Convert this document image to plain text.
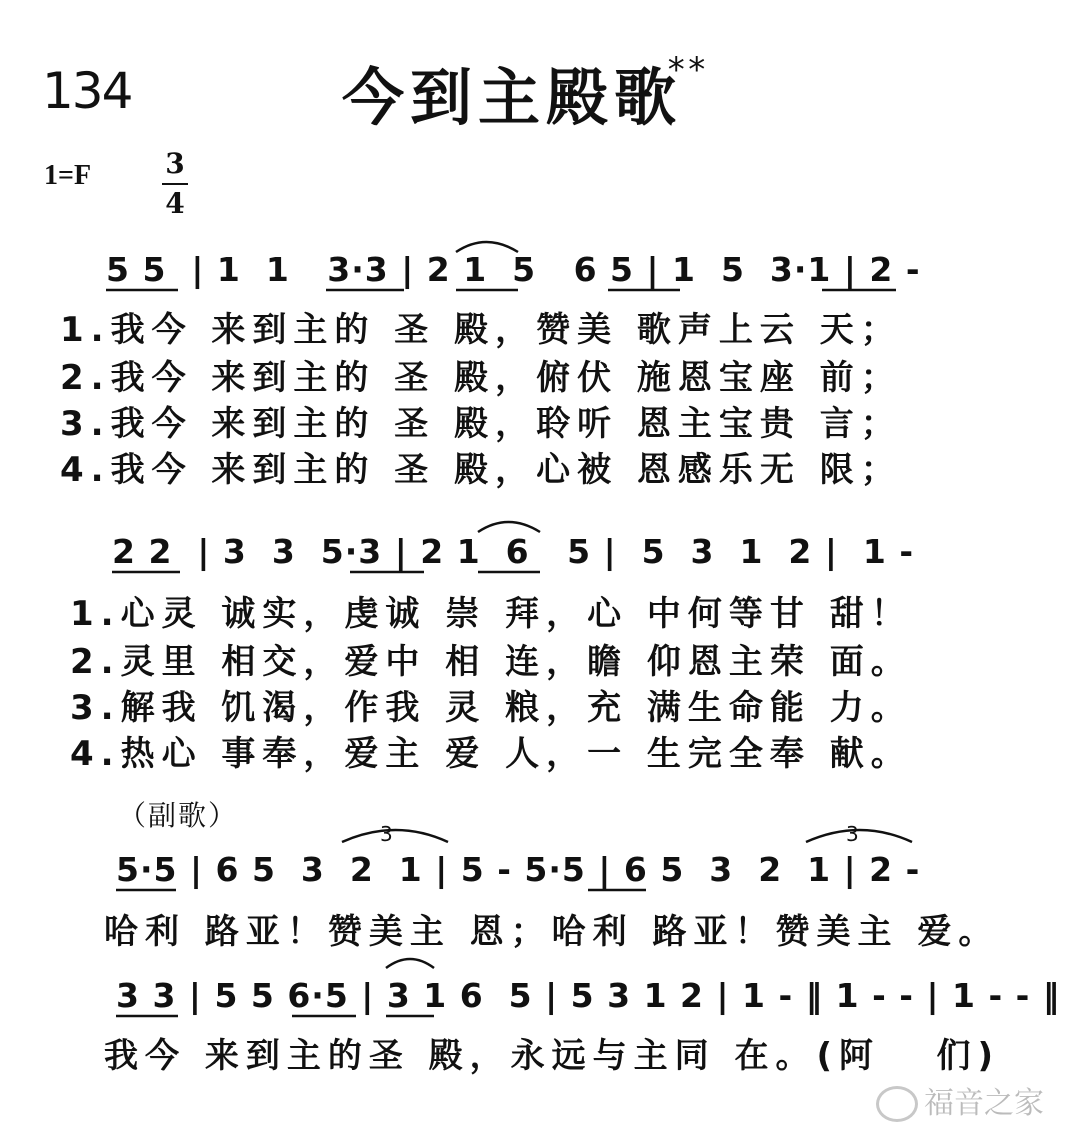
134	今到主殿歌
**
1=F	3
4
5 5  | 1  1   3·3 | 2 1  5   6 5 | 1  5  3·1 | 2 -
1.我今 来到主的 圣 殿，赞美 歌声上云 天；
2.我今 来到主的 圣 殿，俯伏 施恩宝座 前；
3.我今 来到主的 圣 殿，聆听 恩主宝贵 言；
4.我今 来到主的 圣 殿，心被 恩感乐无 限；
2 2  | 3  3  5·3 | 2 1  6   5 |  5  3  1  2 |  1 -
1.心灵 诚实，虔诚 崇 拜，心 中何等甘 甜！
2.灵里 相交，爱中 相 连，瞻 仰恩主荣 面。
3.解我 饥渴，作我 灵 粮，充 满生命能 力。
4.热心 事奉，爱主 爱 人，一 生完全奉 献。
（副歌）
5·5 | 6 5  3  2  1 | 5 - 5·5 | 6 5  3  2  1 | 2 -
哈利 路亚！赞美主 恩；哈利 路亚！赞美主 爱。
3	3
3 3 | 5 5 6·5 | 3 1 6  5 | 5 3 1 2 | 1 - ‖ 1 - - | 1 - - ‖
我今 来到主的圣 殿，永远与主同 在。(阿   们)
福音之家
